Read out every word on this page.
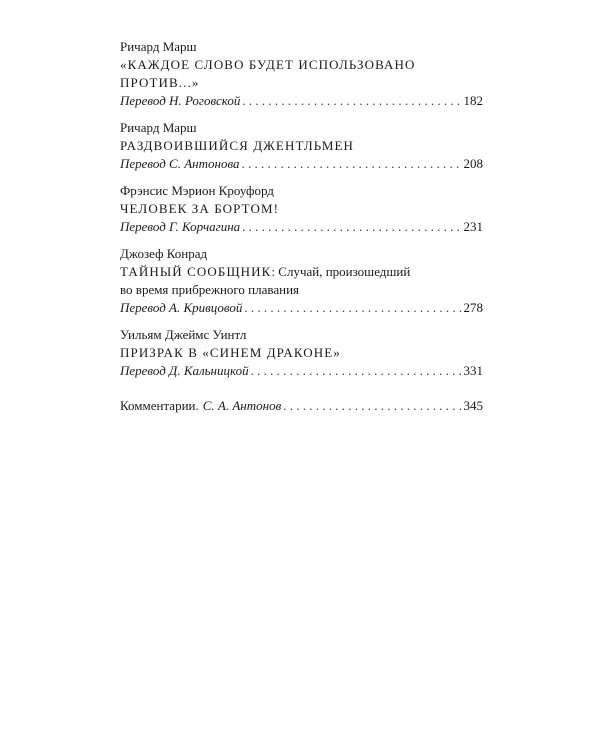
Ричард Марш
«КАЖДОЕ СЛОВО БУДЕТ ИСПОЛЬЗОВАНО
ПРОТИВ...»
Перевод Н. Роговской . . .	182
Ричард Марш
РАЗДВОИВШИЙСЯ ДЖЕНТЛЬМЕН
Перевод С. Антонова . . .	208
Фрэнсис Мэрион Кроуфорд
ЧЕЛОВЕК ЗА БОРТОМ!
Перевод Г. Корчагина . . .	231
Джозеф Конрад
ТАЙНЫЙ СООБЩНИК: Случай, произошедший
во время прибрежного плавания
Перевод А. Кривцовой . . .	278
Уильям Джеймс Уинтл
ПРИЗРАК В «СИНЕМ ДРАКОНЕ»
Перевод Д. Кальницкой . . .	331
Комментарии. С. А. Антонов . . .	345
